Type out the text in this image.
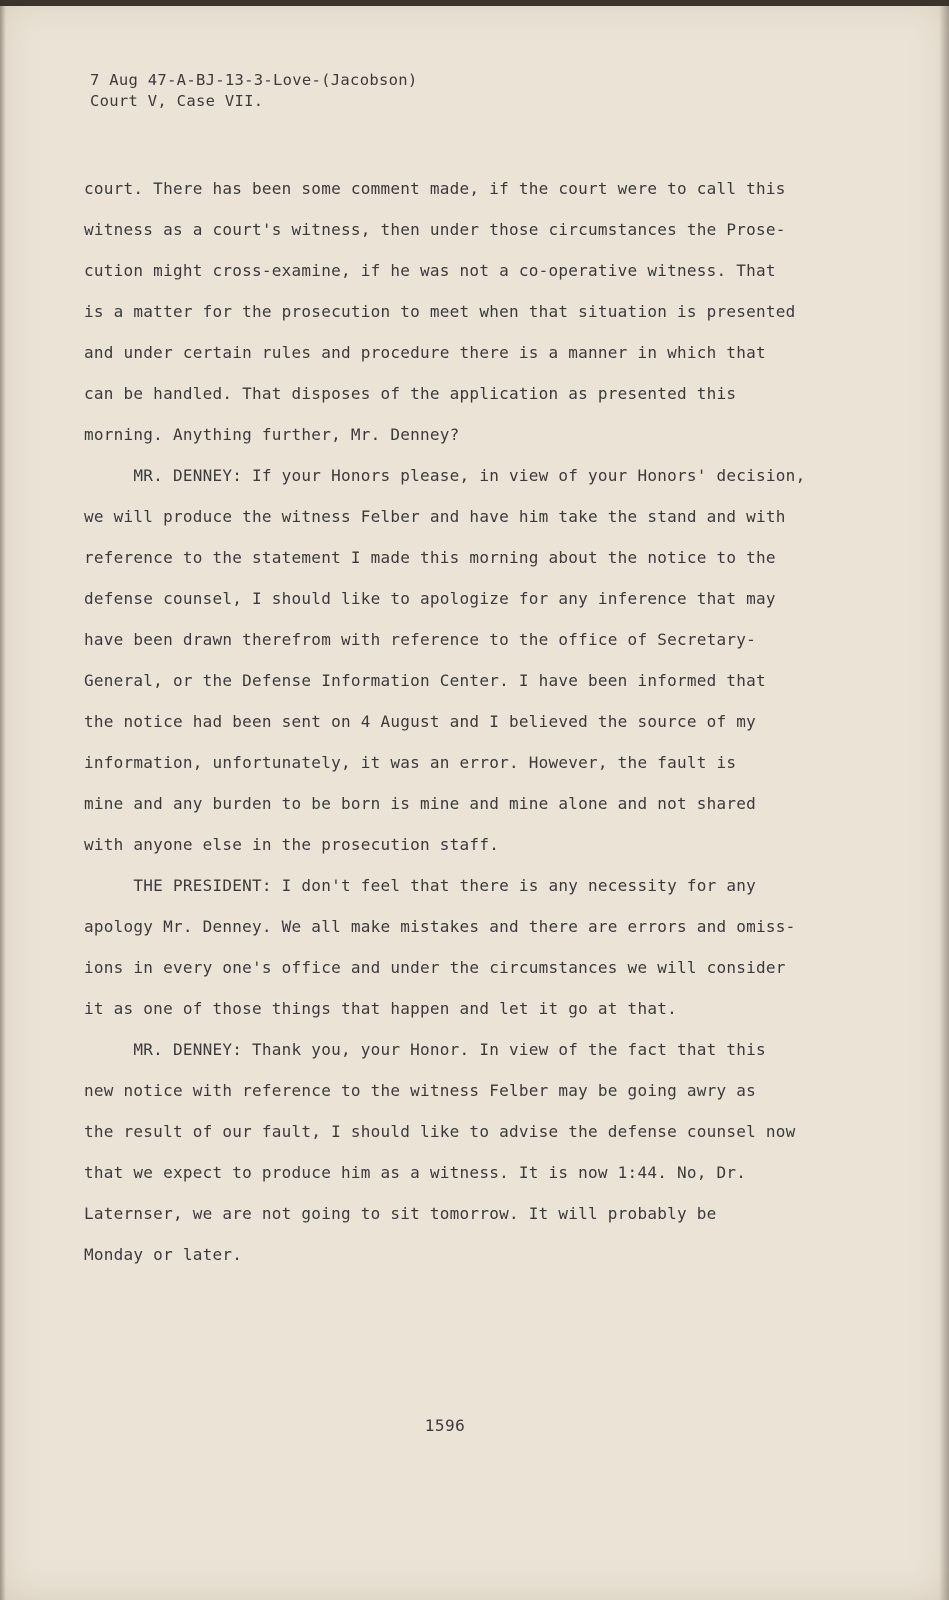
7 Aug 47-A-BJ-13-3-Love-(Jacobson)
Court V, Case VII.
court. There has been some comment made, if the court were to call this
witness as a court's witness, then under those circumstances the Prose-
cution might cross-examine, if he was not a co-operative witness. That
is a matter for the prosecution to meet when that situation is presented
and under certain rules and procedure there is a manner in which that
can be handled. That disposes of the application as presented this
morning. Anything further, Mr. Denney?
MR. DENNEY: If your Honors please, in view of your Honors' decision,
we will produce the witness Felber and have him take the stand and with
reference to the statement I made this morning about the notice to the
defense counsel, I should like to apologize for any inference that may
have been drawn therefrom with reference to the office of Secretary-
General, or the Defense Information Center. I have been informed that
the notice had been sent on 4 August and I believed the source of my
information, unfortunately, it was an error. However, the fault is
mine and any burden to be born is mine and mine alone and not shared
with anyone else in the prosecution staff.
THE PRESIDENT: I don't feel that there is any necessity for any
apology Mr. Denney. We all make mistakes and there are errors and omiss-
ions in every one's office and under the circumstances we will consider
it as one of those things that happen and let it go at that.
MR. DENNEY: Thank you, your Honor. In view of the fact that this
new notice with reference to the witness Felber may be going awry as
the result of our fault, I should like to advise the defense counsel now
that we expect to produce him as a witness. It is now 1:44. No, Dr.
Laternser, we are not going to sit tomorrow. It will probably be
Monday or later.
1596
